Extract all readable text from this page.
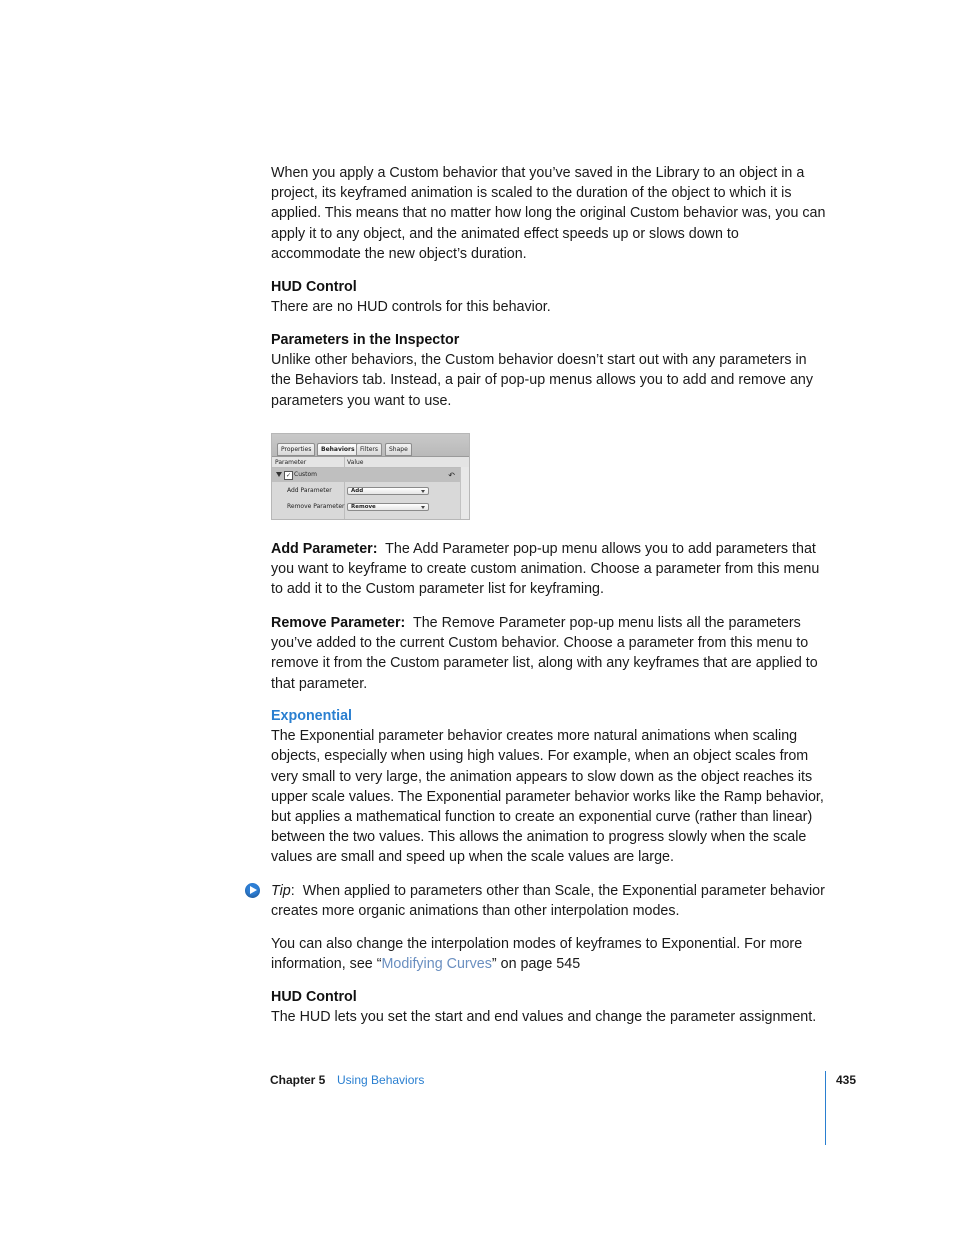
When you apply a Custom behavior that you’ve saved in the Library to an object in a project, its keyframed animation is scaled to the duration of the object to which it is applied. This means that no matter how long the original Custom behavior was, you can apply it to any object, and the animated effect speeds up or slows down to accommodate the new object’s duration.

HUD Control

There are no HUD controls for this behavior.

Parameters in the Inspector

Unlike other behaviors, the Custom behavior doesn’t start out with any parameters in the Behaviors tab. Instead, a pair of pop-up menus allows you to add and remove any parameters you want to use.

Properties	Behaviors Filters	Shape
Parameter	Value
✓ Custom	↶
Add Parameter	Add
Remove Parameter Remove

Add Parameter: The Add Parameter pop-up menu allows you to add parameters that you want to keyframe to create custom animation. Choose a parameter from this menu to add it to the Custom parameter list for keyframing.

Remove Parameter: The Remove Parameter pop-up menu lists all the parameters you’ve added to the current Custom behavior. Choose a parameter from this menu to remove it from the Custom parameter list, along with any keyframes that are applied to that parameter.

Exponential

The Exponential parameter behavior creates more natural animations when scaling objects, especially when using high values. For example, when an object scales from very small to very large, the animation appears to slow down as the object reaches its upper scale values. The Exponential parameter behavior works like the Ramp behavior, but applies a mathematical function to create an exponential curve (rather than linear) between the two values. This allows the animation to progress slowly when the scale values are small and speed up when the scale values are large.

Tip: When applied to parameters other than Scale, the Exponential parameter behavior creates more organic animations than other interpolation modes.

You can also change the interpolation modes of keyframes to Exponential. For more information, see “Modifying Curves” on page 545

HUD Control

The HUD lets you set the start and end values and change the parameter assignment.

Chapter 5 Using Behaviors	435
